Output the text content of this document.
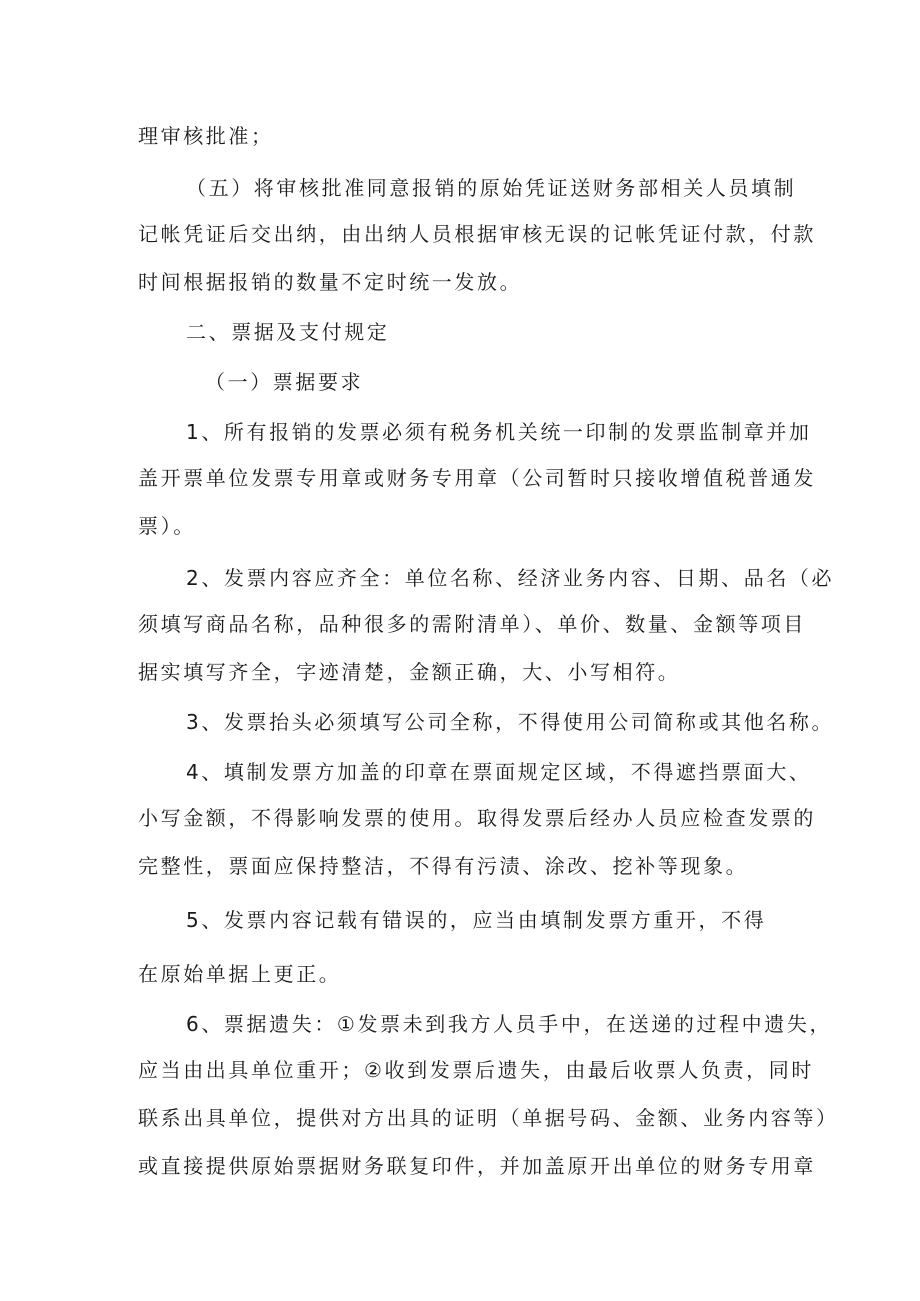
理审核批准；
（五）将审核批准同意报销的原始凭证送财务部相关人员填制
记帐凭证后交出纳，由出纳人员根据审核无误的记帐凭证付款，付款
时间根据报销的数量不定时统一发放。
二、票据及支付规定
（一）票据要求
1、所有报销的发票必须有税务机关统一印制的发票监制章并加
盖开票单位发票专用章或财务专用章（公司暂时只接收增值税普通发
票）。
2、发票内容应齐全：单位名称、经济业务内容、日期、品名（必
须填写商品名称，品种很多的需附清单）、单价、数量、金额等项目
据实填写齐全，字迹清楚，金额正确，大、小写相符。
3、发票抬头必须填写公司全称，不得使用公司简称或其他名称。
4、填制发票方加盖的印章在票面规定区域，不得遮挡票面大、
小写金额，不得影响发票的使用。取得发票后经办人员应检查发票的
完整性，票面应保持整洁，不得有污渍、涂改、挖补等现象。
5、发票内容记载有错误的，应当由填制发票方重开，不得
在原始单据上更正。
6、票据遗失：①发票未到我方人员手中，在送递的过程中遗失，
应当由出具单位重开；②收到发票后遗失，由最后收票人负责，同时
联系出具单位，提供对方出具的证明（单据号码、金额、业务内容等）
或直接提供原始票据财务联复印件，并加盖原开出单位的财务专用章
